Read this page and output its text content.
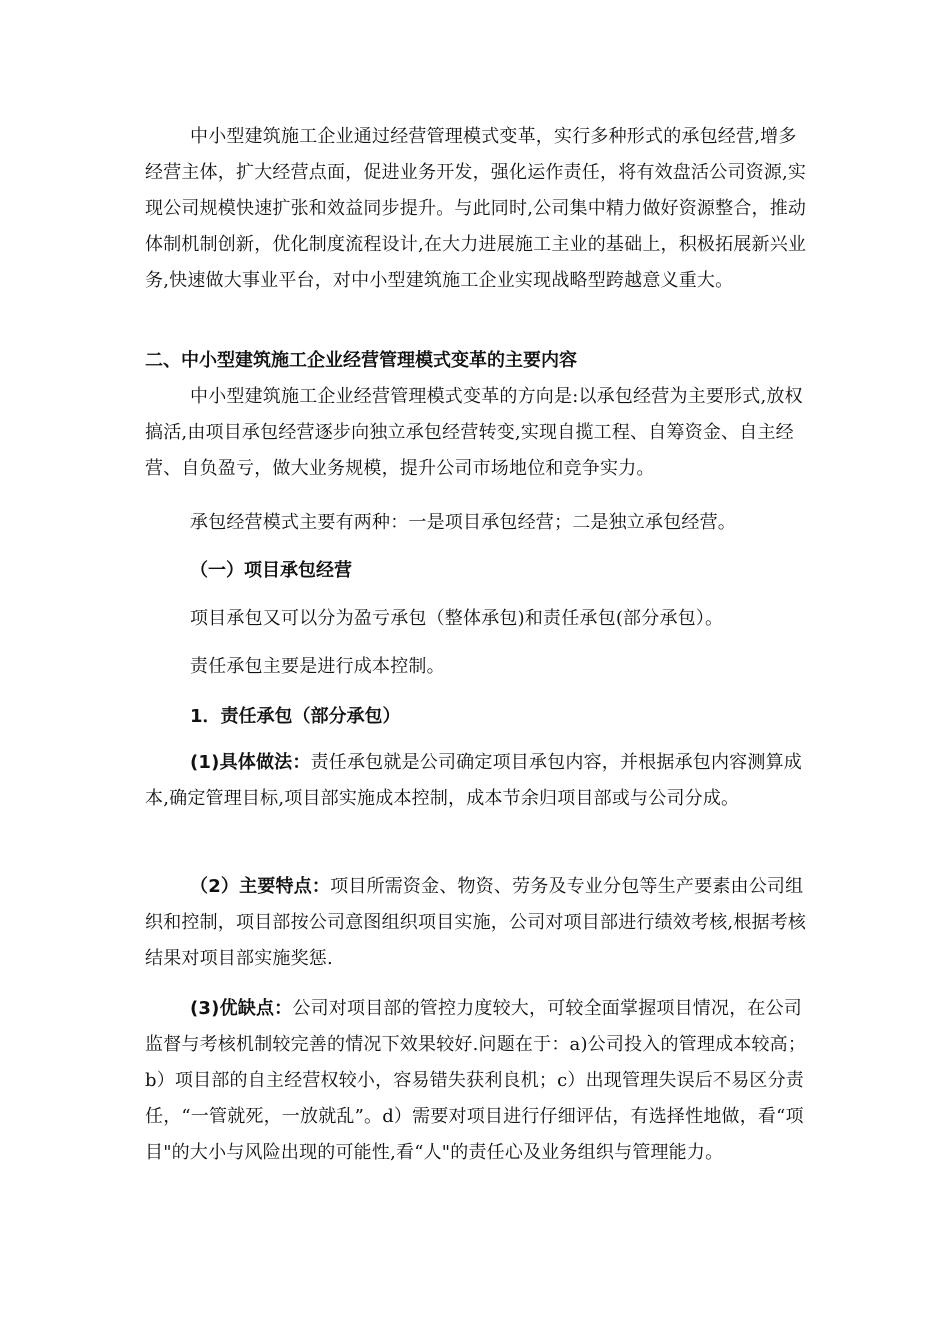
中小型建筑施工企业通过经营管理模式变革，实行多种形式的承包经营,增多经营主体，扩大经营点面，促进业务开发，强化运作责任，将有效盘活公司资源,实现公司规模快速扩张和效益同步提升。与此同时,公司集中精力做好资源整合，推动体制机制创新，优化制度流程设计,在大力进展施工主业的基础上，积极拓展新兴业务,快速做大事业平台，对中小型建筑施工企业实现战略型跨越意义重大。

二、中小型建筑施工企业经营管理模式变革的主要内容

中小型建筑施工企业经营管理模式变革的方向是:以承包经营为主要形式,放权搞活,由项目承包经营逐步向独立承包经营转变,实现自揽工程、自筹资金、自主经营、自负盈亏，做大业务规模，提升公司市场地位和竞争实力。

承包经营模式主要有两种：一是项目承包经营；二是独立承包经营。

（一）项目承包经营

项目承包又可以分为盈亏承包（整体承包)和责任承包(部分承包）。

责任承包主要是进行成本控制。

1．责任承包（部分承包）

(1)具体做法：责任承包就是公司确定项目承包内容，并根据承包内容测算成本,确定管理目标,项目部实施成本控制，成本节余归项目部或与公司分成。

（2）主要特点：项目所需资金、物资、劳务及专业分包等生产要素由公司组织和控制，项目部按公司意图组织项目实施，公司对项目部进行绩效考核,根据考核结果对项目部实施奖惩.

(3)优缺点：公司对项目部的管控力度较大，可较全面掌握项目情况，在公司监督与考核机制较完善的情况下效果较好.问题在于：a)公司投入的管理成本较高；b）项目部的自主经营权较小，容易错失获利良机；c）出现管理失误后不易区分责任，“一管就死，一放就乱”。d）需要对项目进行仔细评估，有选择性地做，看“项目"的大小与风险出现的可能性,看“人"的责任心及业务组织与管理能力。
